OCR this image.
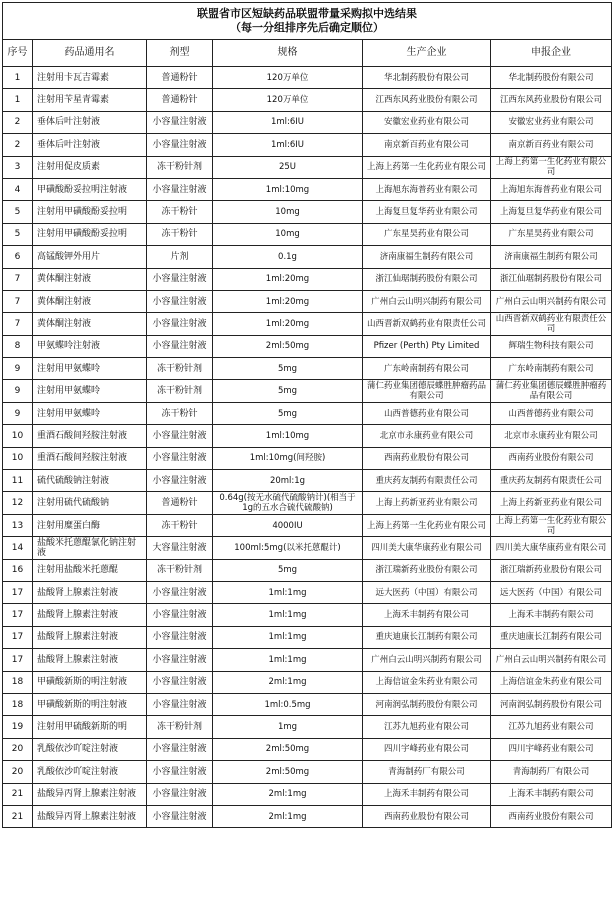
联盟省市区短缺药品联盟带量采购拟中选结果
（每一分组排序先后确定顺位）					

序号	药品通用名	剂型	规格	生产企业	申报企业
1	注射用卡瓦吉霉素	普通粉针	120万单位	华北制药股份有限公司	华北制药股份有限公司
1	注射用苄星青霉素	普通粉针	120万单位	江西东风药业股份有限公司	江西东风药业股份有限公司
2	垂体后叶注射液	小容量注射液	1ml:6IU	安徽宏业药业有限公司	安徽宏业药业有限公司
2	垂体后叶注射液	小容量注射液	1ml:6IU	南京新百药业有限公司	南京新百药业有限公司
3	注射用促皮质素	冻干粉针剂	25U	上海上药第一生化药业有限公司	上海上药第一生化药业有限公司
4	甲磺酸酚妥拉明注射液	小容量注射液	1ml:10mg	上海旭东海普药业有限公司	上海旭东海普药业有限公司
5	注射用甲磺酸酚妥拉明	冻干粉针	10mg	上海复旦复华药业有限公司	上海复旦复华药业有限公司
5	注射用甲磺酸酚妥拉明	冻干粉针	10mg	广东星昊药业有限公司	广东星昊药业有限公司
6	高锰酸钾外用片	片剂	0.1g	济南康福生制药有限公司	济南康福生制药有限公司
7	黄体酮注射液	小容量注射液	1ml:20mg	浙江仙琚制药股份有限公司	浙江仙琚制药股份有限公司
7	黄体酮注射液	小容量注射液	1ml:20mg	广州白云山明兴制药有限公司	广州白云山明兴制药有限公司
7	黄体酮注射液	小容量注射液	1ml:20mg	山西晋新双鹤药业有限责任公司	山西晋新双鹤药业有限责任公司
8	甲氨蝶呤注射液	小容量注射液	2ml:50mg	Pfizer (Perth) Pty Limited	辉瑞生物科技有限公司
9	注射用甲氨蝶呤	冻干粉针剂	5mg	广东岭南制药有限公司	广东岭南制药有限公司
9	注射用甲氨蝶呤	冻干粉针剂	5mg	蒲仁药业集团德辰蝶胜肿瘤药品有限公司	蒲仁药业集团德辰蝶胜肿瘤药品有限公司
9	注射用甲氨蝶呤	冻干粉针	5mg	山西普德药业有限公司	山西普德药业有限公司
10	重酒石酸间羟胺注射液	小容量注射液	1ml:10mg	北京市永康药业有限公司	北京市永康药业有限公司
10	重酒石酸间羟胺注射液	小容量注射液	1ml:10mg(间羟胺)	西南药业股份有限公司	西南药业股份有限公司
11	硫代硫酸钠注射液	小容量注射液	20ml:1g	重庆药友制药有限责任公司	重庆药友制药有限责任公司
12	注射用硫代硫酸钠	普通粉针	0.64g(按无水硫代硫酸钠计)(相当于1g的五水合硫代硫酸钠)	上海上药新亚药业有限公司	上海上药新亚药业有限公司
13	注射用糜蛋白酶	冻干粉针	4000IU	上海上药第一生化药业有限公司	上海上药第一生化药业有限公司
14	盐酸米托蒽醌氯化钠注射液	大容量注射液	100ml:5mg(以米托蒽醌计)	四川美大康华康药业有限公司	四川美大康华康药业有限公司
16	注射用盐酸米托蒽醌	冻干粉针剂	5mg	浙江瑞新药业股份有限公司	浙江瑞新药业股份有限公司
17	盐酸肾上腺素注射液	小容量注射液	1ml:1mg	远大医药（中国）有限公司	远大医药（中国）有限公司
17	盐酸肾上腺素注射液	小容量注射液	1ml:1mg	上海禾丰制药有限公司	上海禾丰制药有限公司
17	盐酸肾上腺素注射液	小容量注射液	1ml:1mg	重庆迪康长江制药有限公司	重庆迪康长江制药有限公司
17	盐酸肾上腺素注射液	小容量注射液	1ml:1mg	广州白云山明兴制药有限公司	广州白云山明兴制药有限公司
18	甲磺酸新斯的明注射液	小容量注射液	2ml:1mg	上海信谊金朱药业有限公司	上海信谊金朱药业有限公司
18	甲磺酸新斯的明注射液	小容量注射液	1ml:0.5mg	河南润弘制药股份有限公司	河南润弘制药股份有限公司
19	注射用甲硫酸新斯的明	冻干粉针剂	1mg	江苏九旭药业有限公司	江苏九旭药业有限公司
20	乳酸依沙吖啶注射液	小容量注射液	2ml:50mg	四川宇峰药业有限公司	四川宇峰药业有限公司
20	乳酸依沙吖啶注射液	小容量注射液	2ml:50mg	青海制药厂有限公司	青海制药厂有限公司
21	盐酸异丙肾上腺素注射液	小容量注射液	2ml:1mg	上海禾丰制药有限公司	上海禾丰制药有限公司
21	盐酸异丙肾上腺素注射液	小容量注射液	2ml:1mg	西南药业股份有限公司	西南药业股份有限公司
